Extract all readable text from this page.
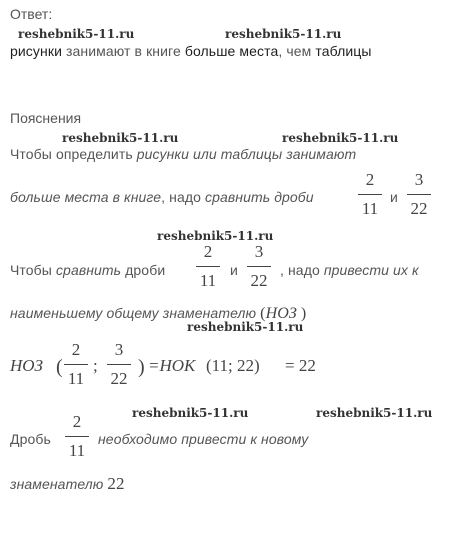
Ответ:
рисунки занимают в книге больше места, чем таблицы
Пояснения
Чтобы определить рисунки или таблицы занимают
больше места в книге, надо сравнить дроби
2
11
и
3
22
Чтобы сравнить дроби
2
11
и
3
22
, надо привести их к
наименьшему общему знаменателю (НОЗ )
НОЗ (
2
11
;
3
22
) =НОК (11; 22) = 22
Дробь
2
11
необходимо привести к новому
знаменателю 22
reshebnik5-11.ru	reshebnik5-11.ru
reshebnik5-11.ru	reshebnik5-11.ru
reshebnik5-11.ru
reshebnik5-11.ru
reshebnik5-11.ru	reshebnik5-11.ru
